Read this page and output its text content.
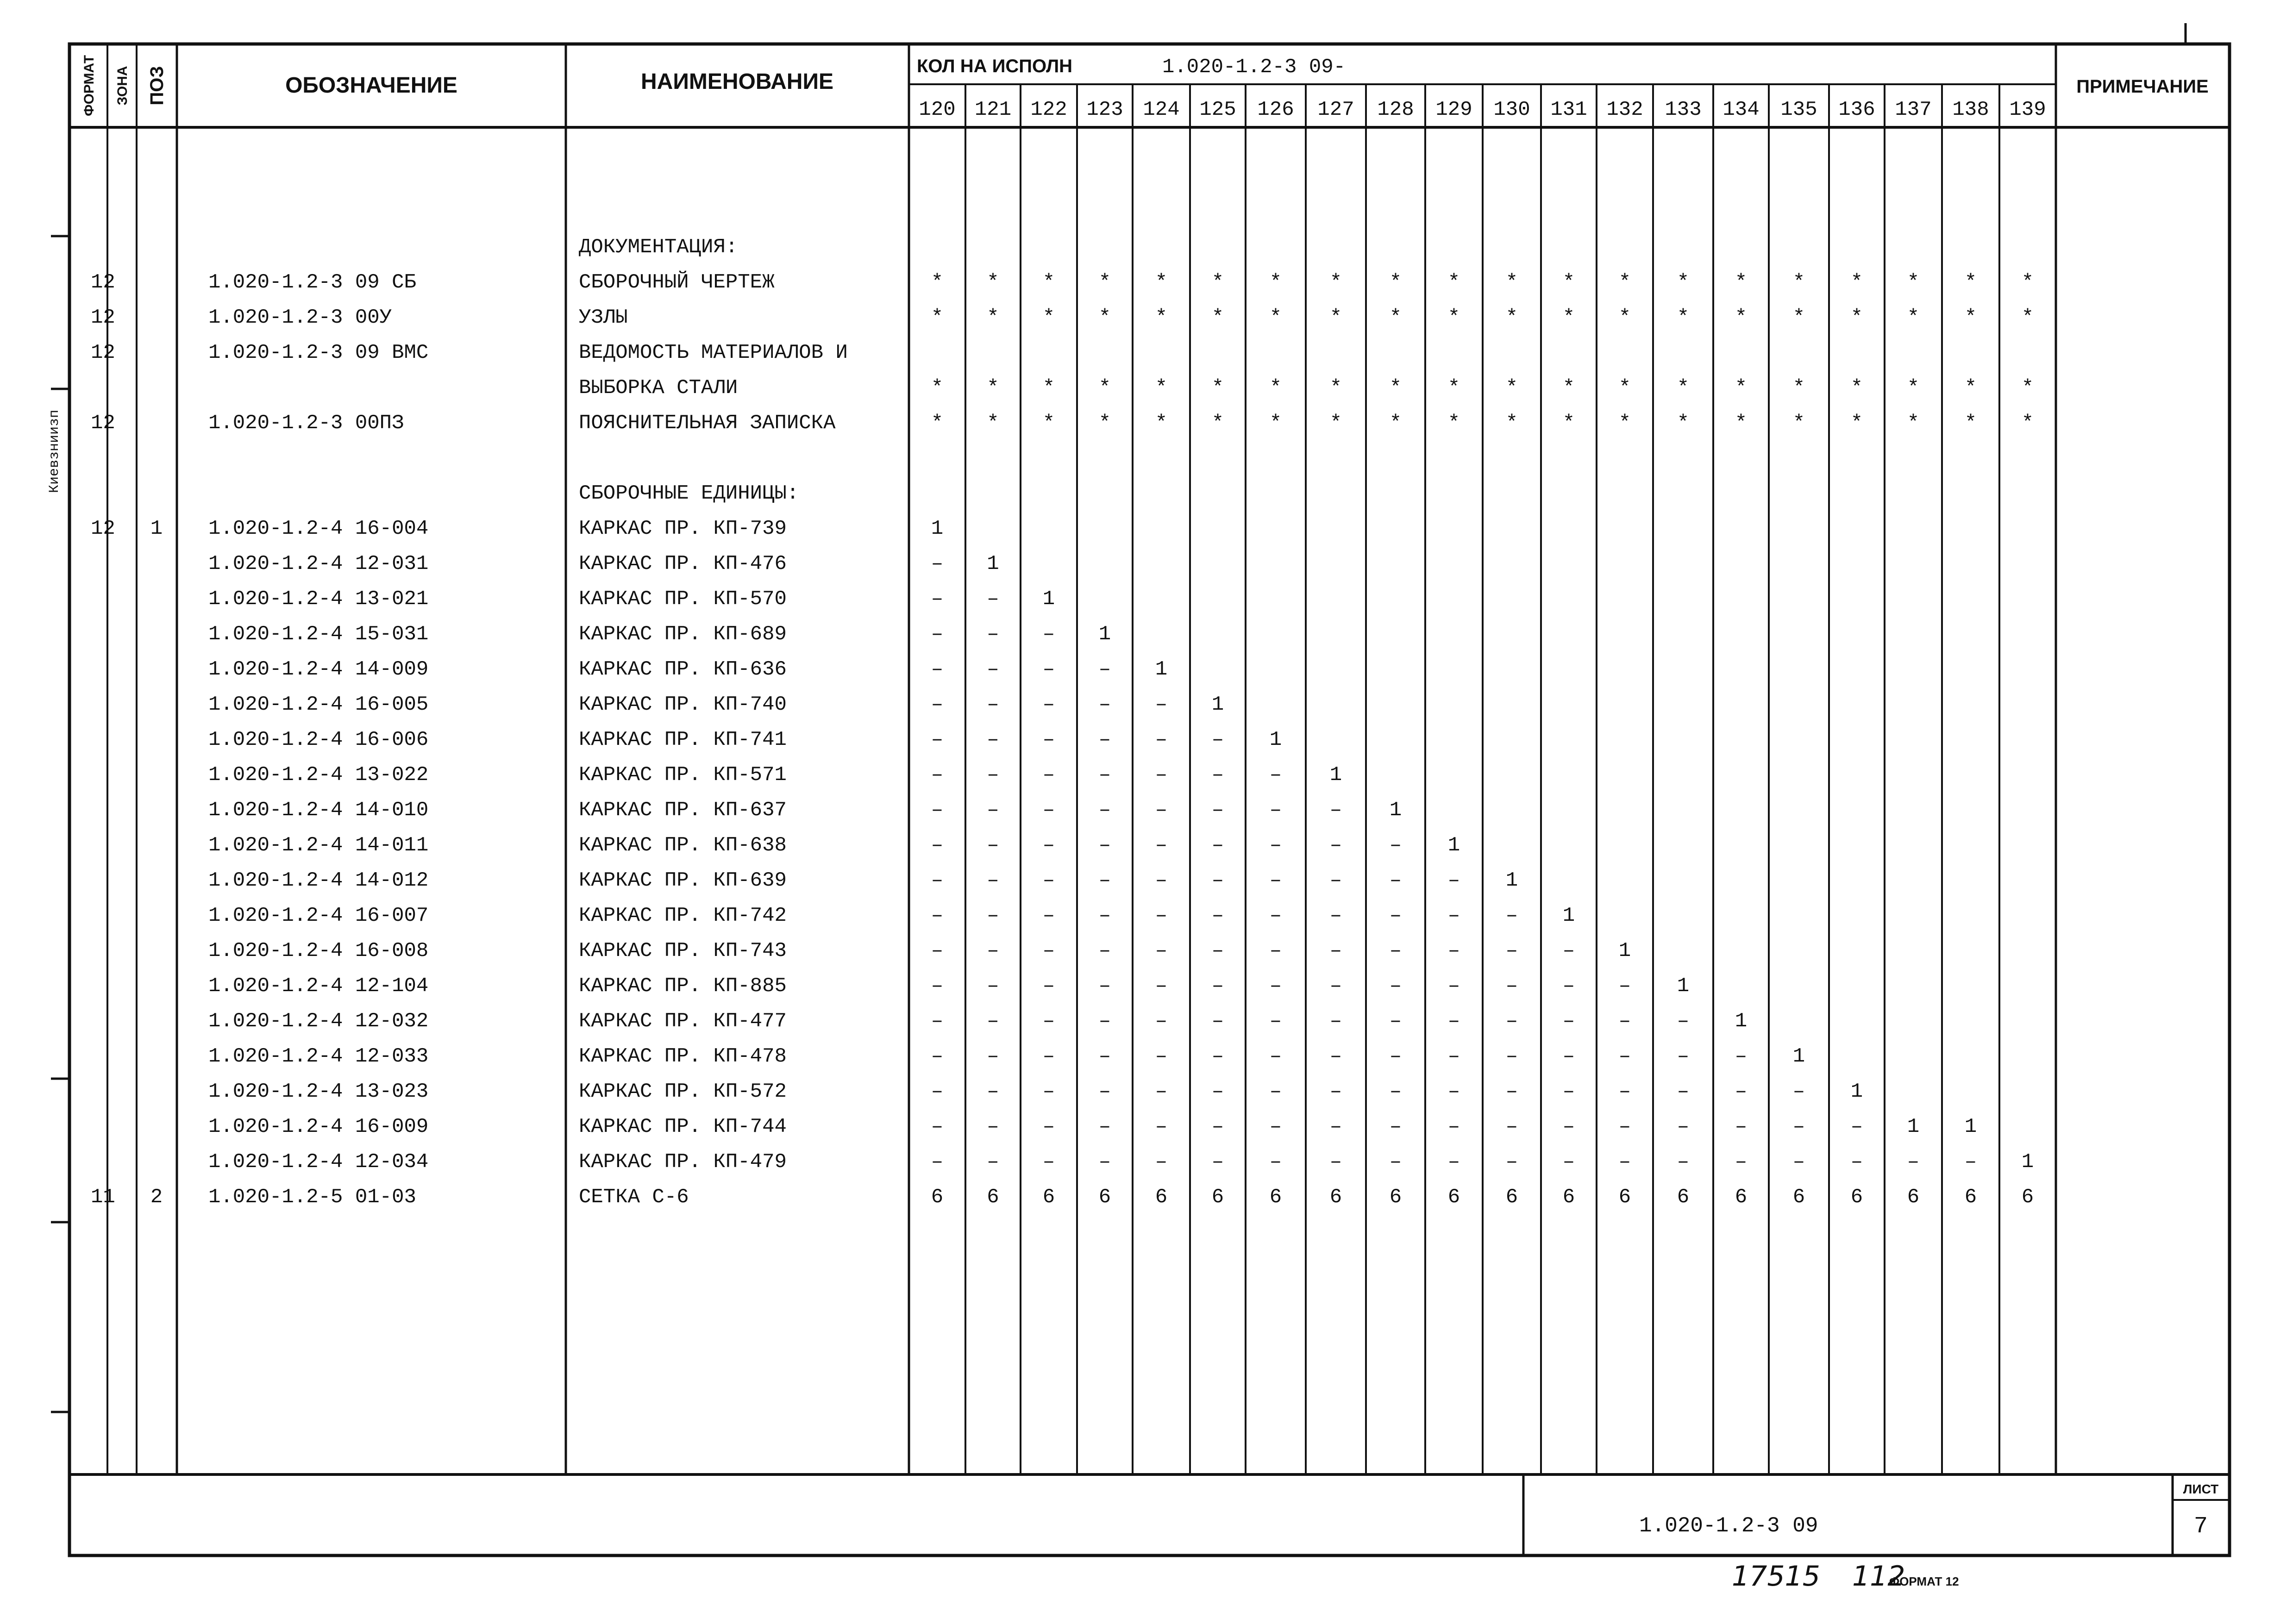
ФОРМАТ ЗОНА ПОЗ	ОБОЗНАЧЕНИЕ	НАИМЕНОВАНИЕ
КОЛ НА ИСПОЛН	1.020-1.2-3 09-
ПРИМЕЧАНИЕ
120 121 122 123 124 125 126 127 128 129 130 131 132 133 134 135 136 137 138 139
ДОКУМЕНТАЦИЯ:
12	1.020-1.2-3 09 СБ	СБОРОЧНЫЙ ЧЕРТЕЖ	* * * * * * * * * * * * * * * * * * * *
12	1.020-1.2-3 00У	УЗЛЫ	* * * * * * * * * * * * * * * * * * * *
12	1.020-1.2-3 09 ВМС	ВЕДОМОСТЬ МАТЕРИАЛОВ И
ВЫБОРКА СТАЛИ	* * * * * * * * * * * * * * * * * * * *
12	1.020-1.2-3 00ПЗ	ПОЯСНИТЕЛЬНАЯ ЗАПИСКА	* * * * * * * * * * * * * * * * * * * *
СБОРОЧНЫЕ ЕДИНИЦЫ:
12 1 1.020-1.2-4 16-004	КАРКАС ПР. КП-739	1
1.020-1.2-4 12-031	КАРКАС ПР. КП-476	– 1
1.020-1.2-4 13-021	КАРКАС ПР. КП-570	– – 1
1.020-1.2-4 15-031	КАРКАС ПР. КП-689	– – – 1
1.020-1.2-4 14-009	КАРКАС ПР. КП-636	– – – – 1
1.020-1.2-4 16-005	КАРКАС ПР. КП-740	– – – – – 1
1.020-1.2-4 16-006	КАРКАС ПР. КП-741	– – – – – – 1
1.020-1.2-4 13-022	КАРКАС ПР. КП-571	– – – – – – – 1
1.020-1.2-4 14-010	КАРКАС ПР. КП-637	– – – – – – – – 1
1.020-1.2-4 14-011	КАРКАС ПР. КП-638	– – – – – – – – – 1
1.020-1.2-4 14-012	КАРКАС ПР. КП-639	– – – – – – – – – – 1
1.020-1.2-4 16-007	КАРКАС ПР. КП-742	– – – – – – – – – – – 1
1.020-1.2-4 16-008	КАРКАС ПР. КП-743	– – – – – – – – – – – – 1
1.020-1.2-4 12-104	КАРКАС ПР. КП-885	– – – – – – – – – – – – – 1
1.020-1.2-4 12-032	КАРКАС ПР. КП-477	– – – – – – – – – – – – – – 1
1.020-1.2-4 12-033	КАРКАС ПР. КП-478	– – – – – – – – – – – – – – – 1
1.020-1.2-4 13-023	КАРКАС ПР. КП-572	– – – – – – – – – – – – – – – – 1
1.020-1.2-4 16-009	КАРКАС ПР. КП-744	– – – – – – – – – – – – – – – – – 1 1
1.020-1.2-4 12-034	КАРКАС ПР. КП-479	– – – – – – – – – – – – – – – – – – – 1
11 2 1.020-1.2-5 01-03	СЕТКА С-6	6 6 6 6 6 6 6 6 6 6 6 6 6 6 6 6 6 6 6 6
Киевзниизп
1.020-1.2-3 09
ЛИСТ
7
17515 112
ФОРМАТ 12
